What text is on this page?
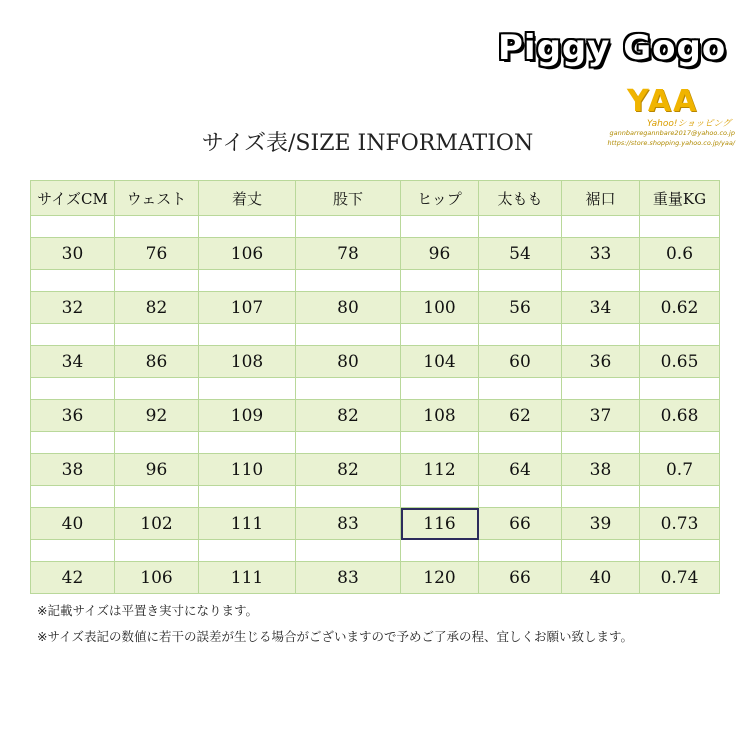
Piggy Gogo
YAA
Yahoo!ショッピング
gannbarregannbare2017@yahoo.co.jp
https://store.shopping.yahoo.co.jp/yaa/
サイズ表/SIZE INFORMATION
サイズCM	ウェスト	着丈	股下	ヒップ	太もも	裾口	重量KG

30	76	106	78	96	54	33	0.6

32	82	107	80	100	56	34	0.62

34	86	108	80	104	60	36	0.65

36	92	109	82	108	62	37	0.68

38	96	110	82	112	64	38	0.7

40	102	111	83	116	66	39	0.73

42	106	111	83	120	66	40	0.74
※記載サイズは平置き実寸になります。
※サイズ表記の数値に若干の誤差が生じる場合がございますので予めご了承の程、宜しくお願い致します。
